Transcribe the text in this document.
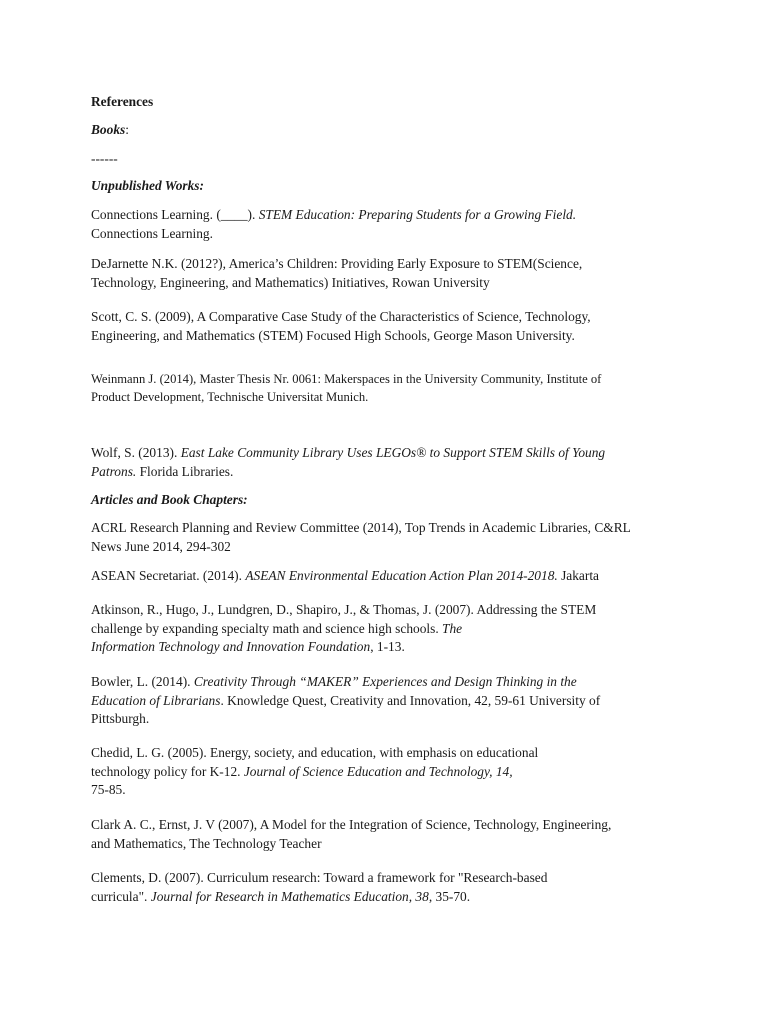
References
Books:
------
Unpublished Works:
Connections Learning. (____). STEM Education: Preparing Students for a Growing Field.
Connections Learning.
DeJarnette N.K. (2012?), America’s Children: Providing Early Exposure to STEM(Science,
Technology, Engineering, and Mathematics) Initiatives, Rowan University
Scott, C. S. (2009), A Comparative Case Study of the Characteristics of Science, Technology,
Engineering, and Mathematics (STEM) Focused High Schools, George Mason University.
Weinmann J. (2014), Master Thesis Nr. 0061: Makerspaces in the University Community, Institute of
Product Development, Technische Universitat Munich.
Wolf, S. (2013). East Lake Community Library Uses LEGOs® to Support STEM Skills of Young
Patrons. Florida Libraries.
Articles and Book Chapters:
ACRL Research Planning and Review Committee (2014), Top Trends in Academic Libraries, C&RL
News June 2014, 294-302
ASEAN Secretariat. (2014). ASEAN Environmental Education Action Plan 2014-2018. Jakarta
Atkinson, R., Hugo, J., Lundgren, D., Shapiro, J., & Thomas, J. (2007). Addressing the STEM
challenge by expanding specialty math and science high schools. The
Information Technology and Innovation Foundation, 1-13.
Bowler, L. (2014). Creativity Through “MAKER” Experiences and Design Thinking in the
Education of Librarians. Knowledge Quest, Creativity and Innovation, 42, 59-61 University of
Pittsburgh.
Chedid, L. G. (2005). Energy, society, and education, with emphasis on educational
technology policy for K-12. Journal of Science Education and Technology, 14,
75-85.
Clark A. C., Ernst, J. V (2007), A Model for the Integration of Science, Technology, Engineering,
and Mathematics, The Technology Teacher
Clements, D. (2007). Curriculum research: Toward a framework for "Research-based
curricula". Journal for Research in Mathematics Education, 38, 35-70.
